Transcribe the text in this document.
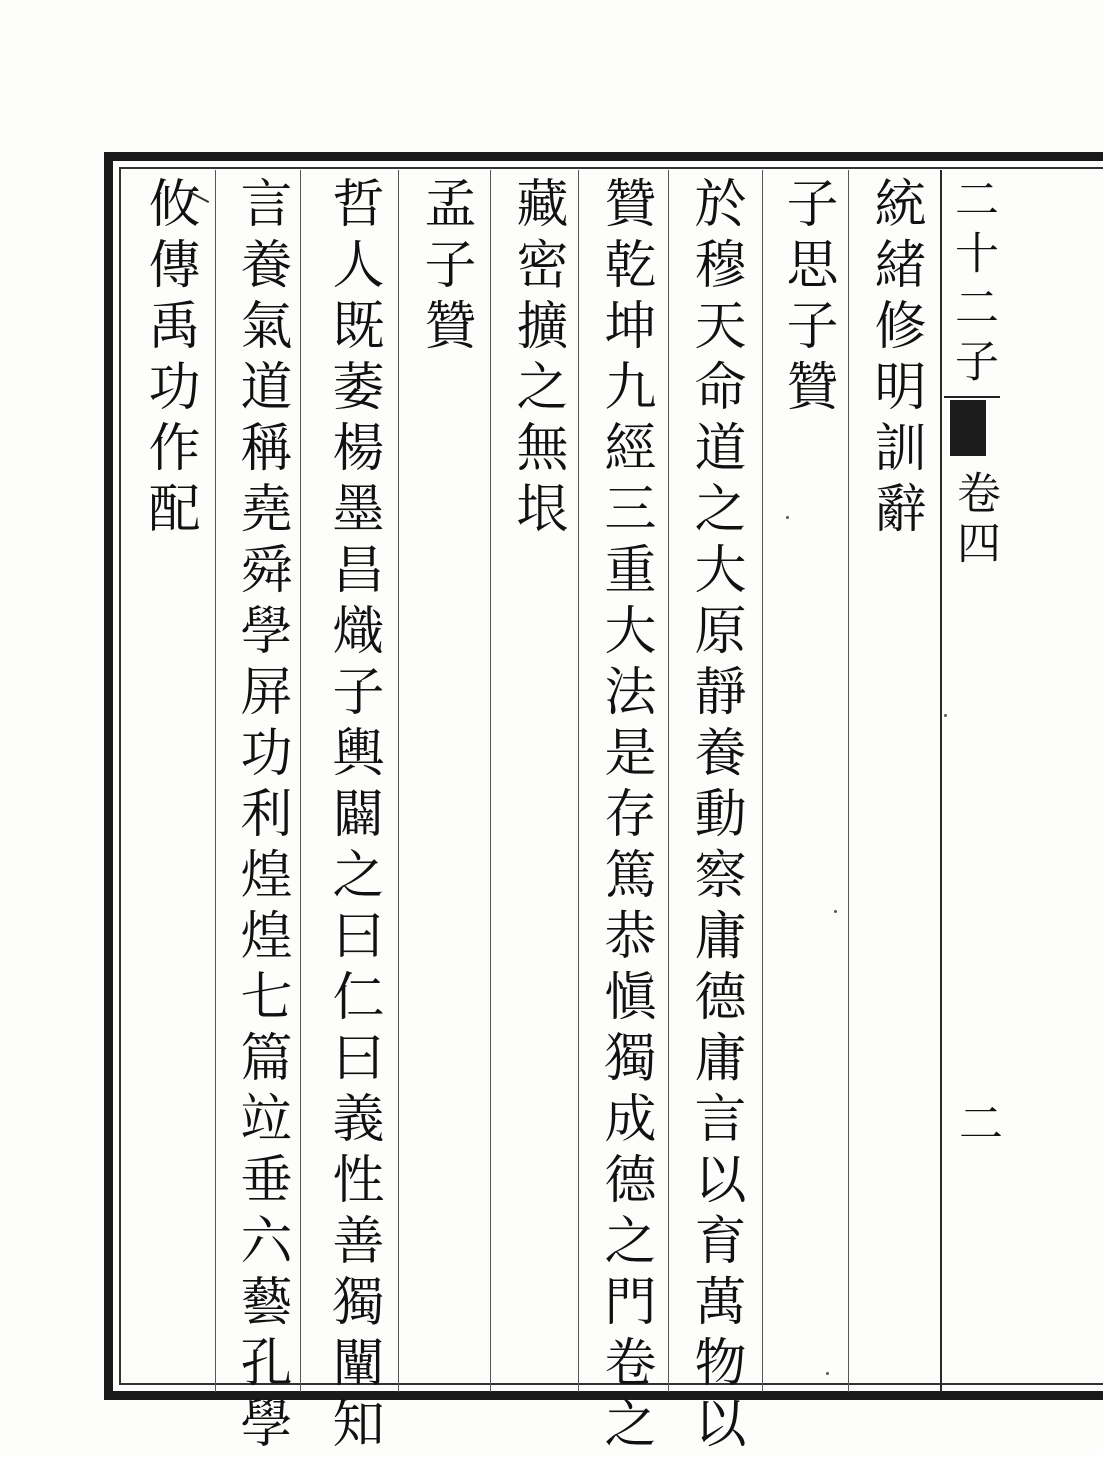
二十二子
卷四
二
統緒修明訓辭
子思子贊
於穆天命道之大原靜養動察庸德庸言以育萬物以
贊乾坤九經三重大法是存篤恭愼獨成德之門卷之
藏密擴之無垠
孟子贊
哲人既萎楊墨昌熾子輿闢之曰仁曰義性善獨闡知
言養氣道稱堯舜學屏功利煌煌七篇竝垂六藝孔學
攸傳禹功作配
